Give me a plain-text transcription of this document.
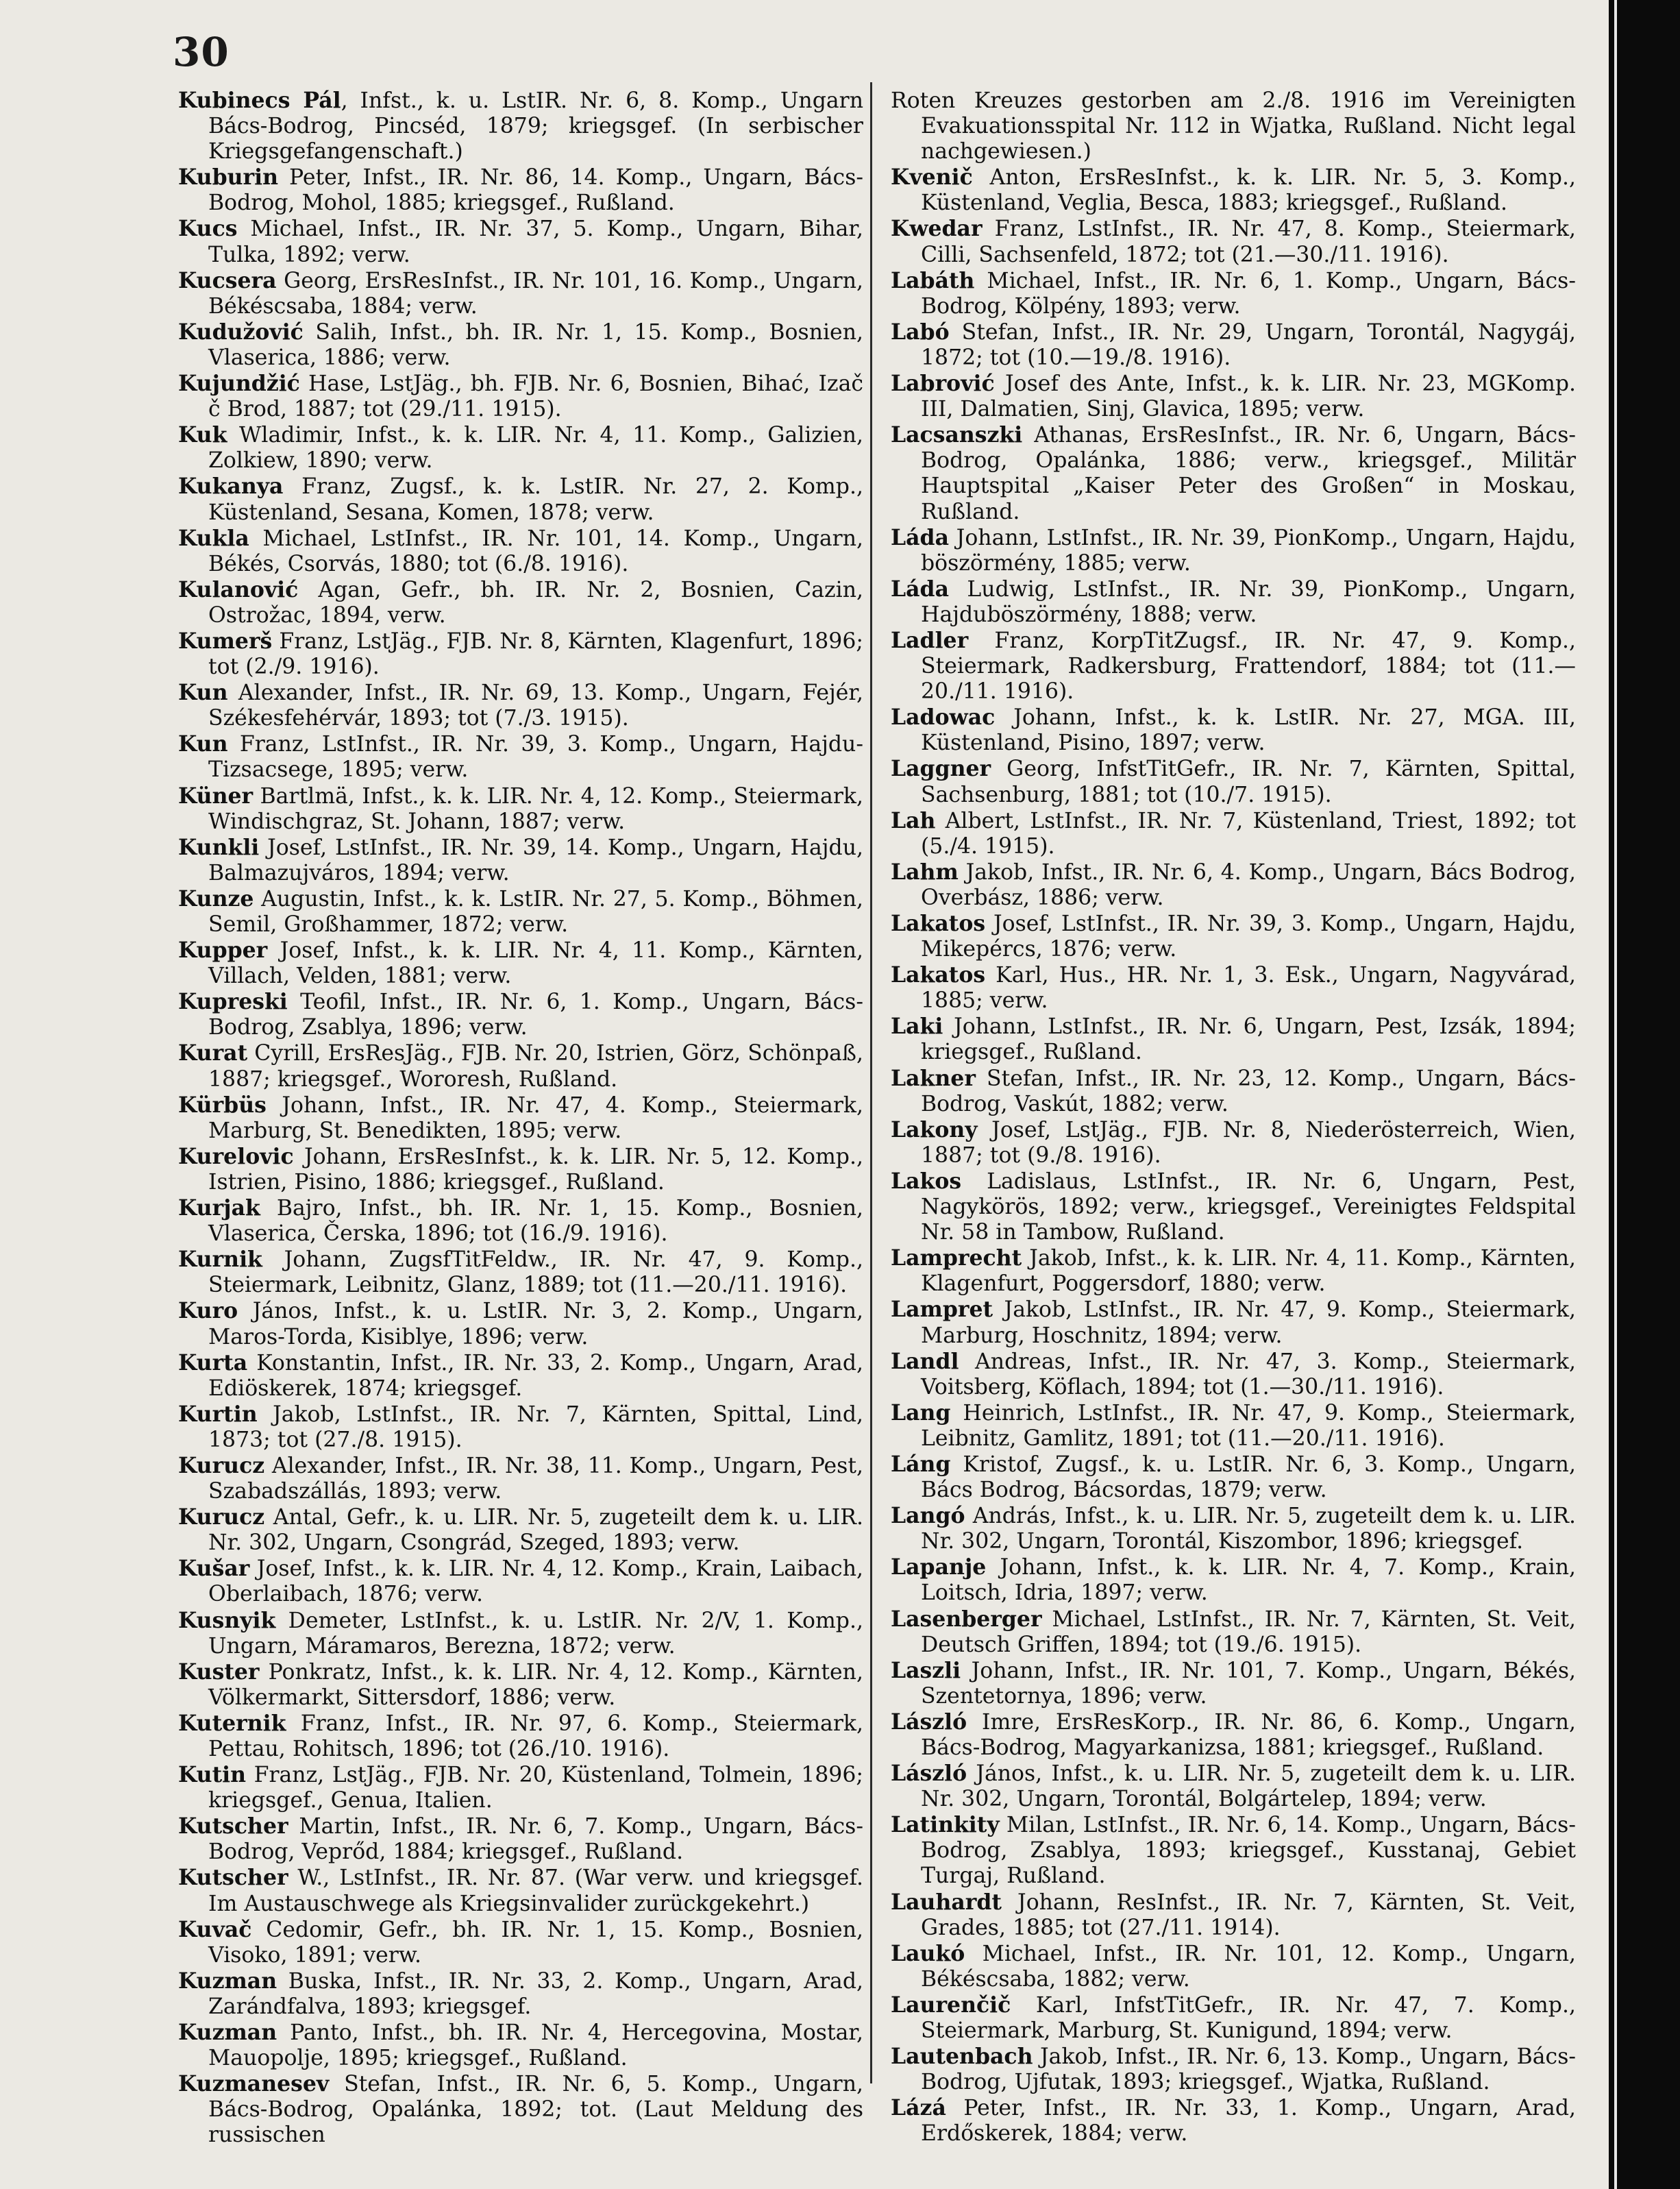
30

Kubinecs Pál, Infst., k. u. LstIR. Nr. 6, 8. Komp., Ungarn Bács-Bodrog, Pincséd, 1879; kriegsgef. (In serbischer Kriegsgefangenschaft.)

Kuburin Peter, Infst., IR. Nr. 86, 14. Komp., Ungarn, Bács-Bodrog, Mohol, 1885; kriegsgef., Rußland.

Kucs Michael, Infst., IR. Nr. 37, 5. Komp., Ungarn, Bihar, Tulka, 1892; verw.

Kucsera Georg, ErsResInfst., IR. Nr. 101, 16. Komp., Ungarn, Békéscsaba, 1884; verw.

Kudužović Salih, Infst., bh. IR. Nr. 1, 15. Komp., Bosnien, Vlaserica, 1886; verw.

Kujundžić Hase, LstJäg., bh. FJB. Nr. 6, Bosnien, Bihać, Izač č Brod, 1887; tot (29./11. 1915).

Kuk Wladimir, Infst., k. k. LIR. Nr. 4, 11. Komp., Galizien, Zolkiew, 1890; verw.

Kukanya Franz, Zugsf., k. k. LstIR. Nr. 27, 2. Komp., Küstenland, Sesana, Komen, 1878; verw.

Kukla Michael, LstInfst., IR. Nr. 101, 14. Komp., Ungarn, Békés, Csorvás, 1880; tot (6./8. 1916).

Kulanović Agan, Gefr., bh. IR. Nr. 2, Bosnien, Cazin, Ostrožac, 1894, verw.

Kumerš Franz, LstJäg., FJB. Nr. 8, Kärnten, Klagenfurt, 1896; tot (2./9. 1916).

Kun Alexander, Infst., IR. Nr. 69, 13. Komp., Ungarn, Fejér, Székesfehérvár, 1893; tot (7./3. 1915).

Kun Franz, LstInfst., IR. Nr. 39, 3. Komp., Ungarn, Hajdu-Tizsacsege, 1895; verw.

Küner Bartlmä, Infst., k. k. LIR. Nr. 4, 12. Komp., Steiermark, Windischgraz, St. Johann, 1887; verw.

Kunkli Josef, LstInfst., IR. Nr. 39, 14. Komp., Ungarn, Hajdu, Balmazujváros, 1894; verw.

Kunze Augustin, Infst., k. k. LstIR. Nr. 27, 5. Komp., Böhmen, Semil, Großhammer, 1872; verw.

Kupper Josef, Infst., k. k. LIR. Nr. 4, 11. Komp., Kärnten, Villach, Velden, 1881; verw.

Kupreski Teofil, Infst., IR. Nr. 6, 1. Komp., Ungarn, Bács-Bodrog, Zsablya, 1896; verw.

Kurat Cyrill, ErsResJäg., FJB. Nr. 20, Istrien, Görz, Schönpaß, 1887; kriegsgef., Wororesh, Rußland.

Kürbüs Johann, Infst., IR. Nr. 47, 4. Komp., Steiermark, Marburg, St. Benedikten, 1895; verw.

Kurelovic Johann, ErsResInfst., k. k. LIR. Nr. 5, 12. Komp., Istrien, Pisino, 1886; kriegsgef., Rußland.

Kurjak Bajro, Infst., bh. IR. Nr. 1, 15. Komp., Bosnien, Vlaserica, Čerska, 1896; tot (16./9. 1916).

Kurnik Johann, ZugsfTitFeldw., IR. Nr. 47, 9. Komp., Steiermark, Leibnitz, Glanz, 1889; tot (11.—20./11. 1916).

Kuro János, Infst., k. u. LstIR. Nr. 3, 2. Komp., Ungarn, Maros-Torda, Kisiblye, 1896; verw.

Kurta Konstantin, Infst., IR. Nr. 33, 2. Komp., Ungarn, Arad, Ediöskerek, 1874; kriegsgef.

Kurtin Jakob, LstInfst., IR. Nr. 7, Kärnten, Spittal, Lind, 1873; tot (27./8. 1915).

Kurucz Alexander, Infst., IR. Nr. 38, 11. Komp., Ungarn, Pest, Szabadszállás, 1893; verw.

Kurucz Antal, Gefr., k. u. LIR. Nr. 5, zugeteilt dem k. u. LIR. Nr. 302, Ungarn, Csongrád, Szeged, 1893; verw.

Kušar Josef, Infst., k. k. LIR. Nr. 4, 12. Komp., Krain, Laibach, Oberlaibach, 1876; verw.

Kusnyik Demeter, LstInfst., k. u. LstIR. Nr. 2/V, 1. Komp., Ungarn, Máramaros, Berezna, 1872; verw.

Kuster Ponkratz, Infst., k. k. LIR. Nr. 4, 12. Komp., Kärnten, Völkermarkt, Sittersdorf, 1886; verw.

Kuternik Franz, Infst., IR. Nr. 97, 6. Komp., Steiermark, Pettau, Rohitsch, 1896; tot (26./10. 1916).

Kutin Franz, LstJäg., FJB. Nr. 20, Küstenland, Tolmein, 1896; kriegsgef., Genua, Italien.

Kutscher Martin, Infst., IR. Nr. 6, 7. Komp., Ungarn, Bács-Bodrog, Veprőd, 1884; kriegsgef., Rußland.

Kutscher W., LstInfst., IR. Nr. 87. (War verw. und kriegsgef. Im Austauschwege als Kriegsinvalider zurückgekehrt.)

Kuvač Cedomir, Gefr., bh. IR. Nr. 1, 15. Komp., Bosnien, Visoko, 1891; verw.

Kuzman Buska, Infst., IR. Nr. 33, 2. Komp., Ungarn, Arad, Zarándfalva, 1893; kriegsgef.

Kuzman Panto, Infst., bh. IR. Nr. 4, Hercegovina, Mostar, Mauopolje, 1895; kriegsgef., Rußland.

Kuzmanesev Stefan, Infst., IR. Nr. 6, 5. Komp., Ungarn, Bács-Bodrog, Opalánka, 1892; tot. (Laut Meldung des russischen

Roten Kreuzes gestorben am 2./8. 1916 im Vereinigten Evakuationsspital Nr. 112 in Wjatka, Rußland. Nicht legal nachgewiesen.)

Kvenič Anton, ErsResInfst., k. k. LIR. Nr. 5, 3. Komp., Küstenland, Veglia, Besca, 1883; kriegsgef., Rußland.

Kwedar Franz, LstInfst., IR. Nr. 47, 8. Komp., Steiermark, Cilli, Sachsenfeld, 1872; tot (21.—30./11. 1916).

Labáth Michael, Infst., IR. Nr. 6, 1. Komp., Ungarn, Bács-Bodrog, Kölpény, 1893; verw.

Labó Stefan, Infst., IR. Nr. 29, Ungarn, Torontál, Nagygáj, 1872; tot (10.—19./8. 1916).

Labrović Josef des Ante, Infst., k. k. LIR. Nr. 23, MGKomp. III, Dalmatien, Sinj, Glavica, 1895; verw.

Lacsanszki Athanas, ErsResInfst., IR. Nr. 6, Ungarn, Bács-Bodrog, Opalánka, 1886; verw., kriegsgef., Militär Hauptspital „Kaiser Peter des Großen“ in Moskau, Rußland.

Láda Johann, LstInfst., IR. Nr. 39, PionKomp., Ungarn, Hajdu, böszörmény, 1885; verw.

Láda Ludwig, LstInfst., IR. Nr. 39, PionKomp., Ungarn, Hajduböszörmény, 1888; verw.

Ladler Franz, KorpTitZugsf., IR. Nr. 47, 9. Komp., Steiermark, Radkersburg, Frattendorf, 1884; tot (11.—20./11. 1916).

Ladowac Johann, Infst., k. k. LstIR. Nr. 27, MGA. III, Küstenland, Pisino, 1897; verw.

Laggner Georg, InfstTitGefr., IR. Nr. 7, Kärnten, Spittal, Sachsenburg, 1881; tot (10./7. 1915).

Lah Albert, LstInfst., IR. Nr. 7, Küstenland, Triest, 1892; tot (5./4. 1915).

Lahm Jakob, Infst., IR. Nr. 6, 4. Komp., Ungarn, Bács Bodrog, Overbász, 1886; verw.

Lakatos Josef, LstInfst., IR. Nr. 39, 3. Komp., Ungarn, Hajdu, Mikepércs, 1876; verw.

Lakatos Karl, Hus., HR. Nr. 1, 3. Esk., Ungarn, Nagyvárad, 1885; verw.

Laki Johann, LstInfst., IR. Nr. 6, Ungarn, Pest, Izsák, 1894; kriegsgef., Rußland.

Lakner Stefan, Infst., IR. Nr. 23, 12. Komp., Ungarn, Bács-Bodrog, Vaskút, 1882; verw.

Lakony Josef, LstJäg., FJB. Nr. 8, Niederösterreich, Wien, 1887; tot (9./8. 1916).

Lakos Ladislaus, LstInfst., IR. Nr. 6, Ungarn, Pest, Nagykörös, 1892; verw., kriegsgef., Vereinigtes Feldspital Nr. 58 in Tambow, Rußland.

Lamprecht Jakob, Infst., k. k. LIR. Nr. 4, 11. Komp., Kärnten, Klagenfurt, Poggersdorf, 1880; verw.

Lampret Jakob, LstInfst., IR. Nr. 47, 9. Komp., Steiermark, Marburg, Hoschnitz, 1894; verw.

Landl Andreas, Infst., IR. Nr. 47, 3. Komp., Steiermark, Voitsberg, Köflach, 1894; tot (1.—30./11. 1916).

Lang Heinrich, LstInfst., IR. Nr. 47, 9. Komp., Steiermark, Leibnitz, Gamlitz, 1891; tot (11.—20./11. 1916).

Láng Kristof, Zugsf., k. u. LstIR. Nr. 6, 3. Komp., Ungarn, Bács Bodrog, Bácsordas, 1879; verw.

Langó András, Infst., k. u. LIR. Nr. 5, zugeteilt dem k. u. LIR. Nr. 302, Ungarn, Torontál, Kiszombor, 1896; kriegsgef.

Lapanje Johann, Infst., k. k. LIR. Nr. 4, 7. Komp., Krain, Loitsch, Idria, 1897; verw.

Lasenberger Michael, LstInfst., IR. Nr. 7, Kärnten, St. Veit, Deutsch Griffen, 1894; tot (19./6. 1915).

Laszli Johann, Infst., IR. Nr. 101, 7. Komp., Ungarn, Békés, Szentetornya, 1896; verw.

László Imre, ErsResKorp., IR. Nr. 86, 6. Komp., Ungarn, Bács-Bodrog, Magyarkanizsa, 1881; kriegsgef., Rußland.

László János, Infst., k. u. LIR. Nr. 5, zugeteilt dem k. u. LIR. Nr. 302, Ungarn, Torontál, Bolgártelep, 1894; verw.

Latinkity Milan, LstInfst., IR. Nr. 6, 14. Komp., Ungarn, Bács-Bodrog, Zsablya, 1893; kriegsgef., Kusstanaj, Gebiet Turgaj, Rußland.

Lauhardt Johann, ResInfst., IR. Nr. 7, Kärnten, St. Veit, Grades, 1885; tot (27./11. 1914).

Laukó Michael, Infst., IR. Nr. 101, 12. Komp., Ungarn, Békéscsaba, 1882; verw.

Laurenčič Karl, InfstTitGefr., IR. Nr. 47, 7. Komp., Steiermark, Marburg, St. Kunigund, 1894; verw.

Lautenbach Jakob, Infst., IR. Nr. 6, 13. Komp., Ungarn, Bács-Bodrog, Ujfutak, 1893; kriegsgef., Wjatka, Rußland.

Lázá Peter, Infst., IR. Nr. 33, 1. Komp., Ungarn, Arad, Erdőskerek, 1884; verw.
